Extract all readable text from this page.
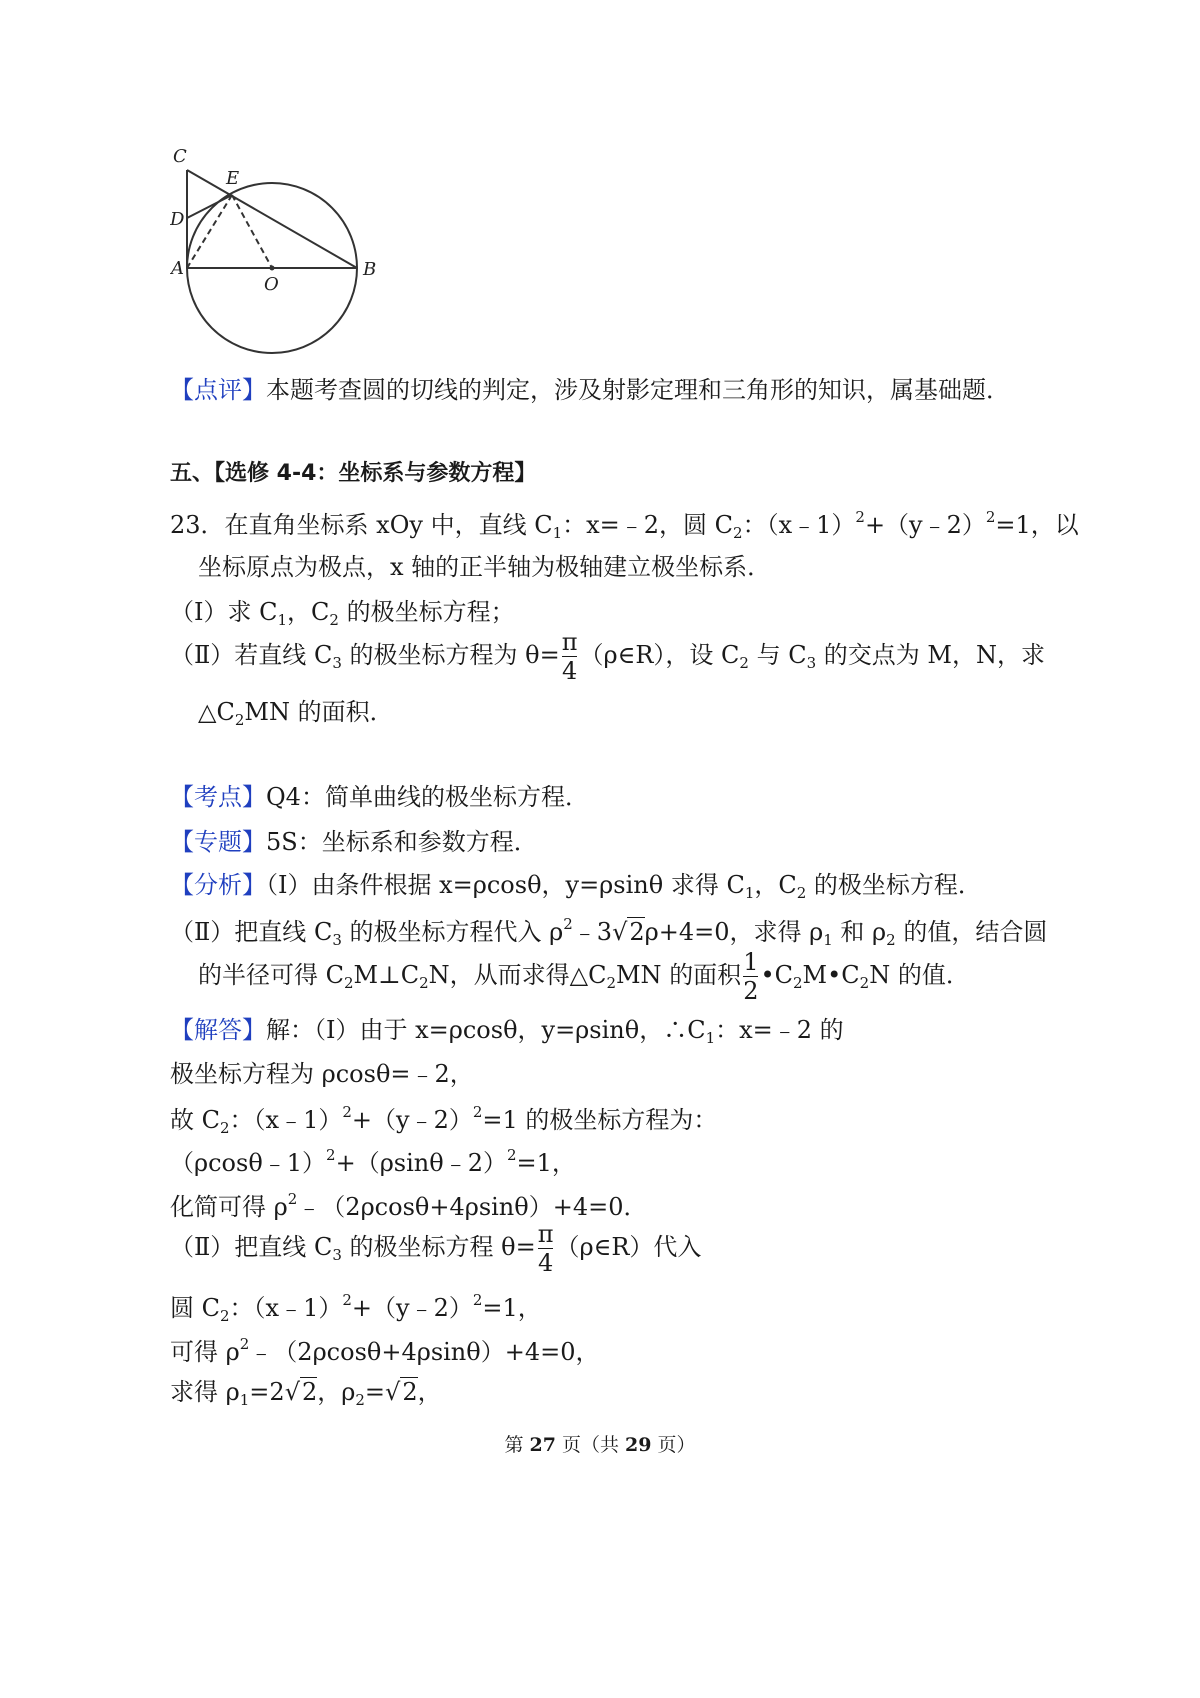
C
E
D
A
O
B
【点评】本题考查圆的切线的判定，涉及射影定理和三角形的知识，属基础题．
五、【选修 4-4：坐标系与参数方程】
23．在直角坐标系 xOy 中，直线 $C_1$：x=﹣2，圆 $C_2$：（x﹣1）$^2$+（y﹣2）$^2$=1，以
坐标原点为极点，x 轴的正半轴为极轴建立极坐标系．
（Ⅰ）求 $C_1$，$C_2$ 的极坐标方程；
（Ⅱ）若直线 $C_3$ 的极坐标方程为 $\theta= \frac{\pi}{4}$ （ρ∈R），设 $C_2$ 与 $C_3$ 的交点为 M，N，求
$\triangle C_2MN$ 的面积．
【考点】Q4：简单曲线的极坐标方程．
【专题】5S：坐标系和参数方程．
【分析】（Ⅰ）由条件根据 x=ρcosθ，y=ρsinθ 求得 $C_1$，$C_2$ 的极坐标方程．
（Ⅱ）把直线 $C_3$ 的极坐标方程代入 $\rho^2﹣3√2\rho+4=0$，求得 $\rho_1$ 和 $\rho_2$ 的值，结合圆
的半径可得 $C_2M\perp C_2N$，从而求得$\triangle C_2MN$ 的面积 $\frac{1}{2}$ $•C_2M•C_2N$ 的值．
【解答】解：（Ⅰ）由于 x=ρcosθ，y=ρsinθ，$\therefore C_1$：x=﹣2 的
极坐标方程为 ρcosθ=﹣2，
故 $C_2$：（x﹣1）$^2$+（y﹣2）$^2$=1 的极坐标方程为：
（ρcosθ﹣1）$^2$+（ρsinθ﹣2）$^2$=1，
化简可得 $\rho^2﹣(2\rho\cos\theta+4\rho\sin\theta)+4=0$．
（Ⅱ）把直线 $C_3$ 的极坐标方程 $\theta= \frac{\pi}{4}$ （ρ∈R）代入
圆 $C_2$：（x﹣1）$^2$+（y﹣2）$^2$=1，
可得 $\rho^2﹣(2\rho\cos\theta+4\rho\sin\theta)+4=0$，
求得 $\rho_1=2√2$，$\rho_2=√2$，
第 27 页（共 29 页）
